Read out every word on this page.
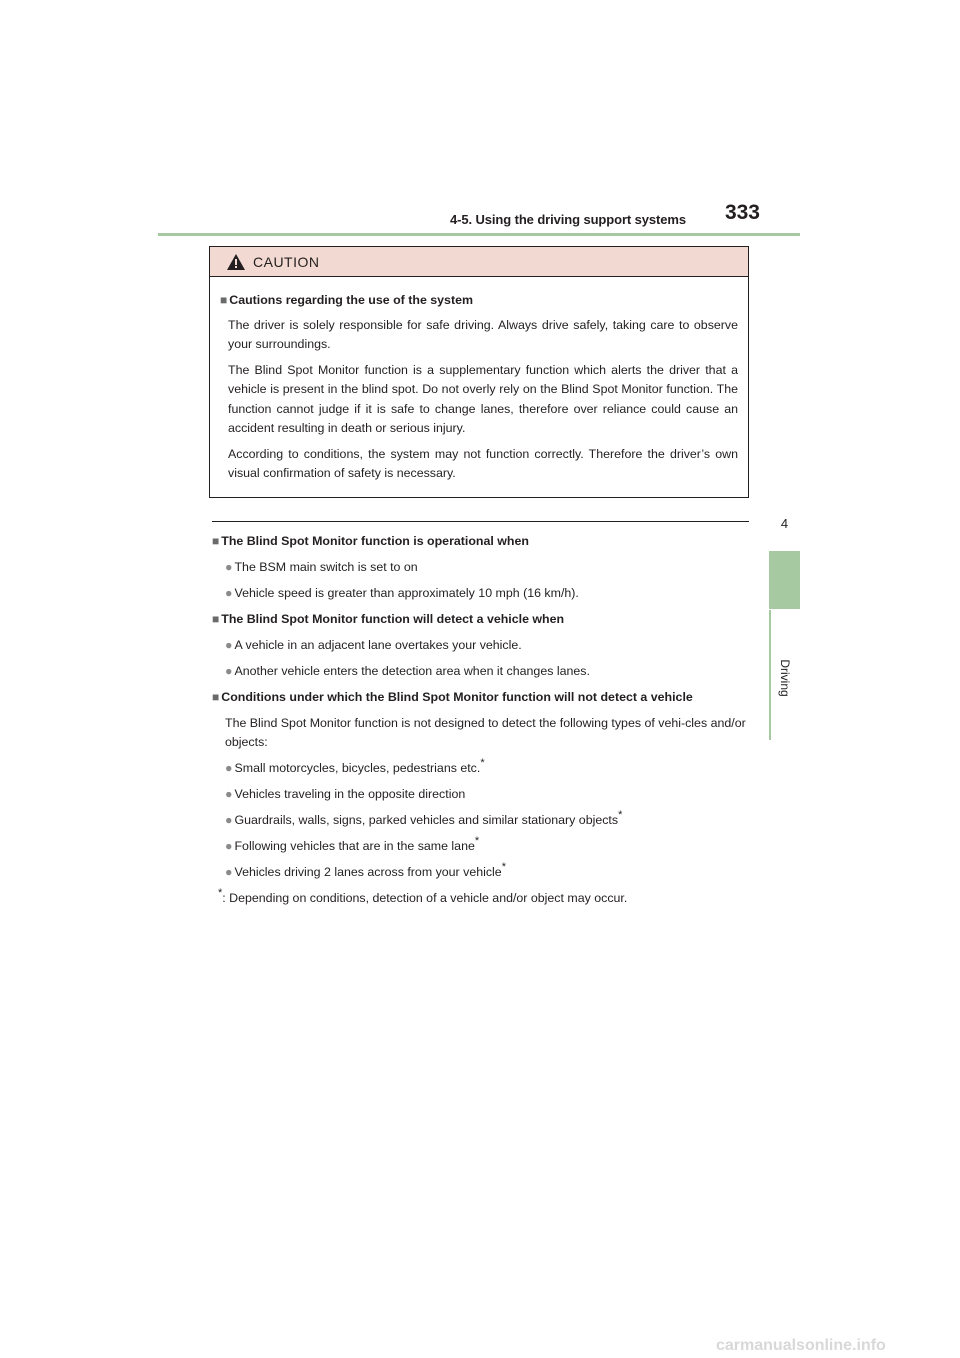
4-5. Using the driving support systems 333
4
Driving
CAUTION
■ Cautions regarding the use of the system

The driver is solely responsible for safe driving. Always drive safely, taking care to observe your surroundings.

The Blind Spot Monitor function is a supplementary function which alerts the driver that a vehicle is present in the blind spot. Do not overly rely on the Blind Spot Monitor function. The function cannot judge if it is safe to change lanes, therefore over reliance could cause an accident resulting in death or serious injury.

According to conditions, the system may not function correctly. Therefore the driver’s own visual confirmation of safety is necessary.

■ The Blind Spot Monitor function is operational when
● The BSM main switch is set to on
● Vehicle speed is greater than approximately 10 mph (16 km/h).
■ The Blind Spot Monitor function will detect a vehicle when
● A vehicle in an adjacent lane overtakes your vehicle.
● Another vehicle enters the detection area when it changes lanes.
■ Conditions under which the Blind Spot Monitor function will not detect a vehicle
The Blind Spot Monitor function is not designed to detect the following types of vehi-cles and/or objects:
● Small motorcycles, bicycles, pedestrians etc.*
● Vehicles traveling in the opposite direction
● Guardrails, walls, signs, parked vehicles and similar stationary objects*
● Following vehicles that are in the same lane*
● Vehicles driving 2 lanes across from your vehicle*
*: Depending on conditions, detection of a vehicle and/or object may occur.
carmanualsonline.info
